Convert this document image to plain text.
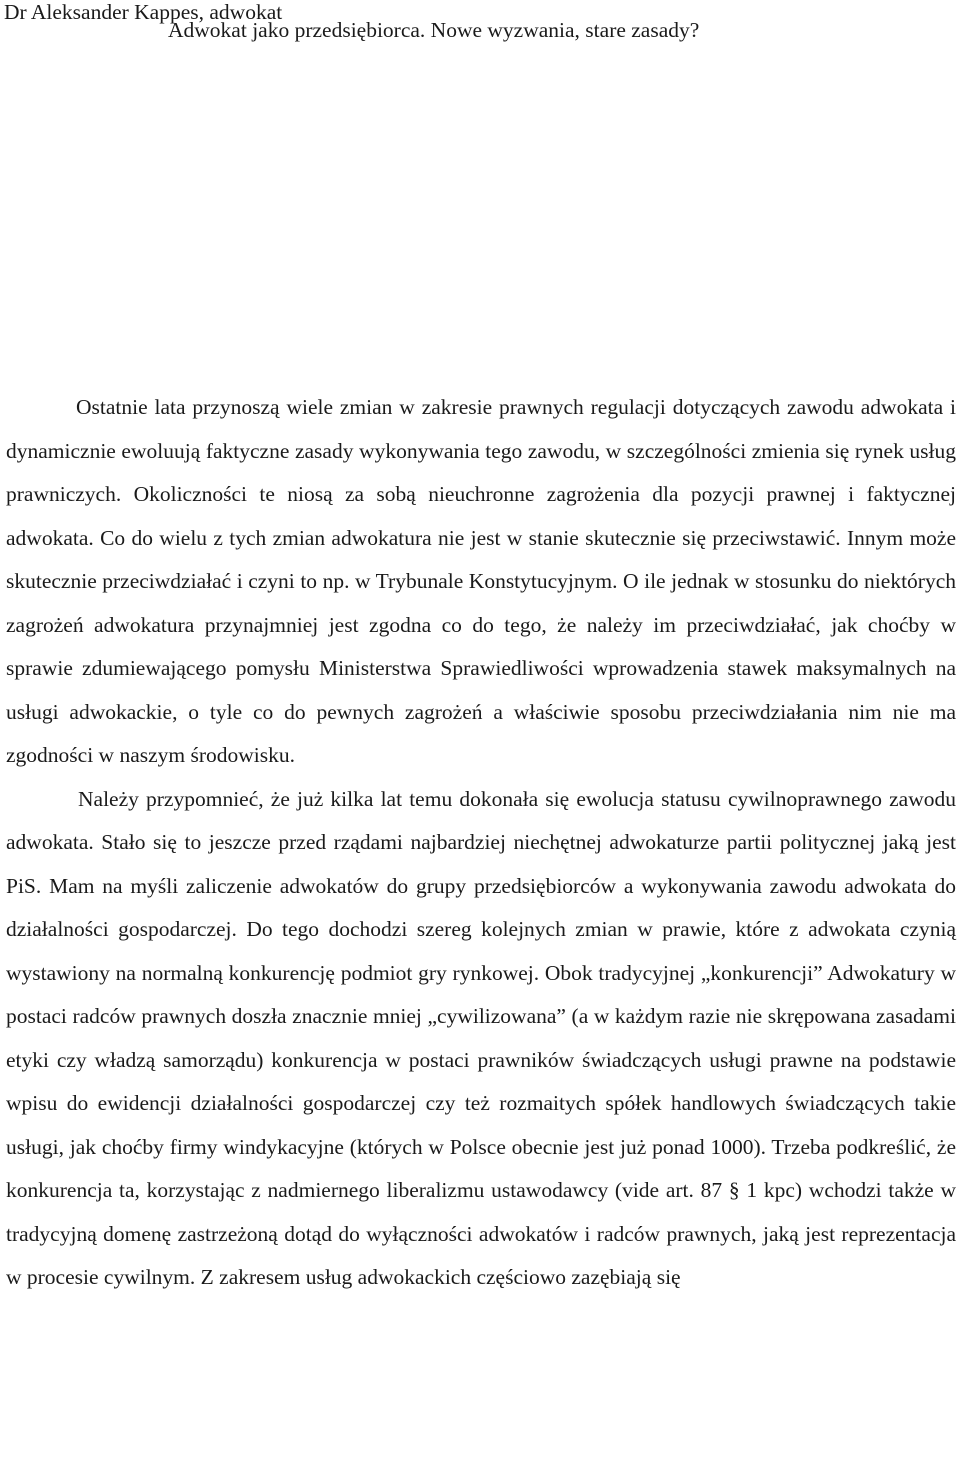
Dr Aleksander Kappes, adwokat
Adwokat jako przedsiębiorca. Nowe wyzwania, stare zasady?

Ostatnie lata przynoszą wiele zmian w zakresie prawnych regulacji dotyczących zawodu adwokata i dynamicznie ewoluują faktyczne zasady wykonywania tego zawodu, w szczególności zmienia się rynek usług prawniczych. Okoliczności te niosą za sobą nieuchronne zagrożenia dla pozycji prawnej i faktycznej adwokata. Co do wielu z tych zmian adwokatura nie jest w stanie skutecznie się przeciwstawić. Innym może skutecznie przeciwdziałać i czyni to np. w Trybunale Konstytucyjnym. O ile jednak w stosunku do niektórych zagrożeń adwokatura przynajmniej jest zgodna co do tego, że należy im przeciwdziałać, jak choćby w sprawie zdumiewającego pomysłu Ministerstwa Sprawiedliwości wprowadzenia stawek maksymalnych na usługi adwokackie, o tyle co do pewnych zagrożeń a właściwie sposobu przeciwdziałania nim nie ma zgodności w naszym środowisku.

Należy przypomnieć, że już kilka lat temu dokonała się ewolucja statusu cywilnoprawnego zawodu adwokata. Stało się to jeszcze przed rządami najbardziej niechętnej adwokaturze partii politycznej jaką jest PiS. Mam na myśli zaliczenie adwokatów do grupy przedsiębiorców a wykonywania zawodu adwokata do działalności gospodarczej. Do tego dochodzi szereg kolejnych zmian w prawie, które z adwokata czynią wystawiony na normalną konkurencję podmiot gry rynkowej. Obok tradycyjnej „konkurencji” Adwokatury w postaci radców prawnych doszła znacznie mniej „cywilizowana” (a w każdym razie nie skrępowana zasadami etyki czy władzą samorządu) konkurencja w postaci prawników świadczących usługi prawne na podstawie wpisu do ewidencji działalności gospodarczej czy też rozmaitych spółek handlowych świadczących takie usługi, jak choćby firmy windykacyjne (których w Polsce obecnie jest już ponad 1000). Trzeba podkreślić, że konkurencja ta, korzystając z nadmiernego liberalizmu ustawodawcy (vide art. 87 § 1 kpc) wchodzi także w tradycyjną domenę zastrzeżoną dotąd do wyłączności adwokatów i radców prawnych, jaką jest reprezentacja w procesie cywilnym. Z zakresem usług adwokackich częściowo zazębiają się
